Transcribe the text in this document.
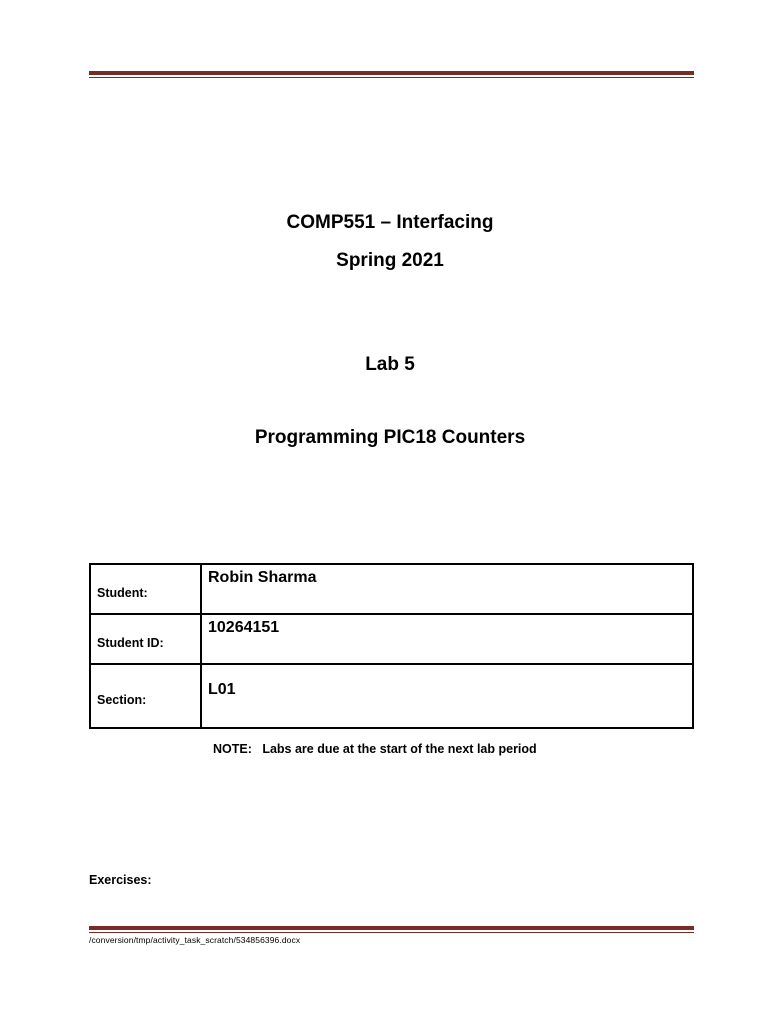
COMP551 – Interfacing
Spring 2021
Lab 5
Programming PIC18 Counters
Student:	Robin Sharma

Student ID:	10264151

Section:	L01
NOTE: Labs are due at the start of the next lab period
Exercises:
/conversion/tmp/activity_task_scratch/534856396.docx
